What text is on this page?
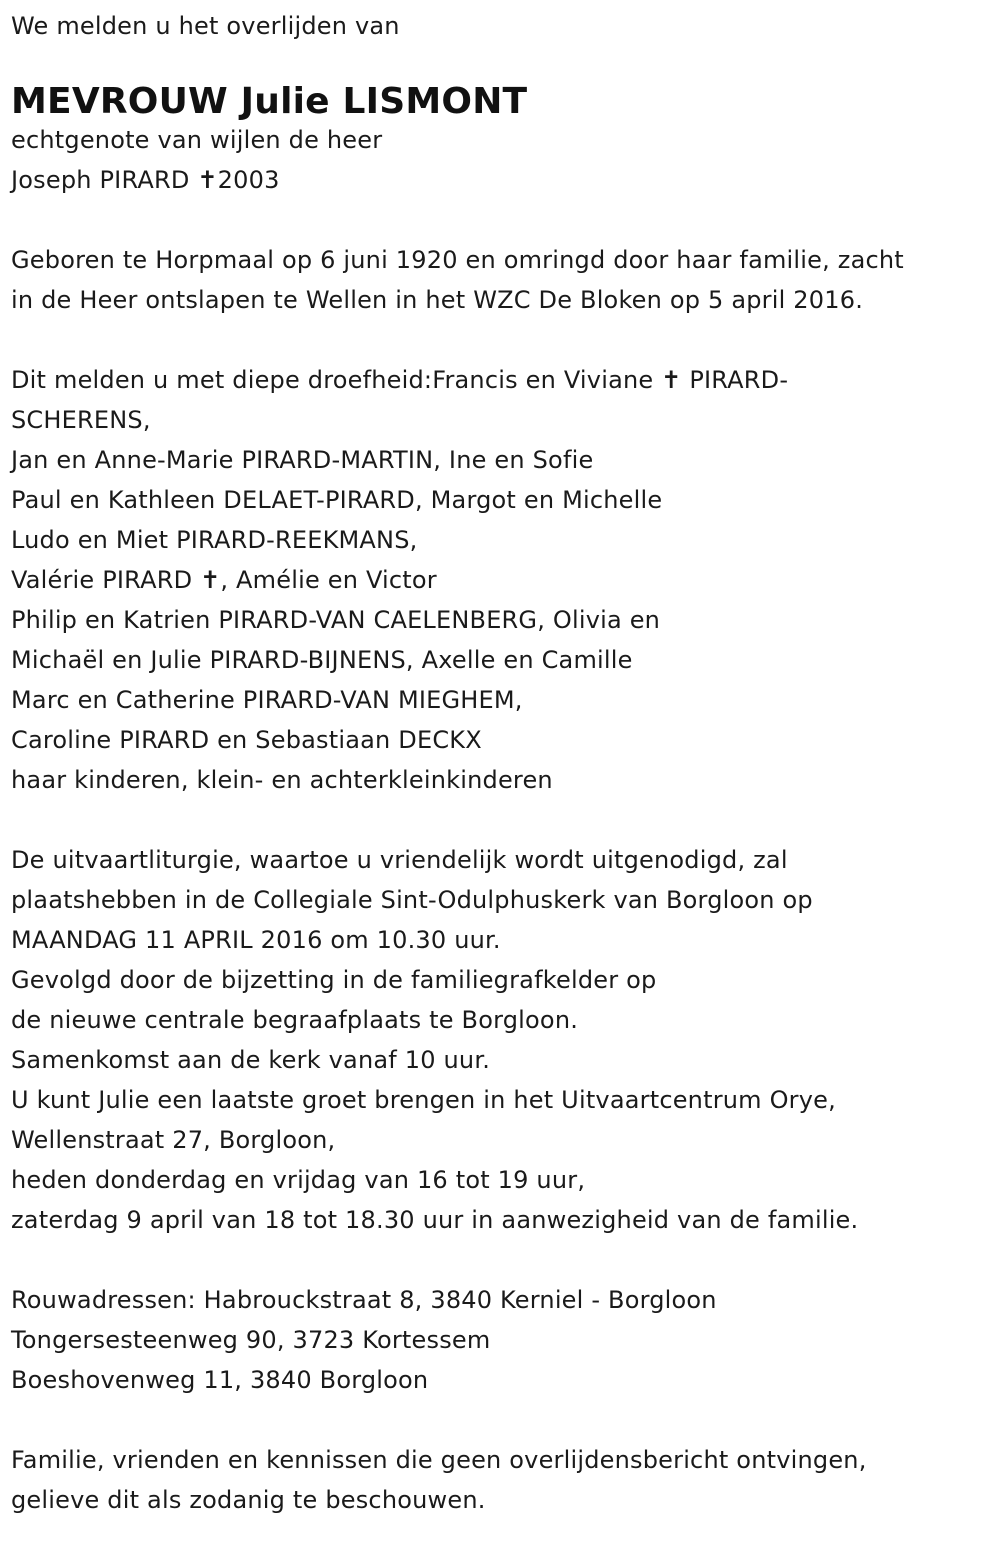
We melden u het overlijden van

MEVROUW Julie LISMONT

echtgenote van wijlen de heer

Joseph PIRARD ✝2003

Geboren te Horpmaal op 6 juni 1920 en omringd door haar familie, zacht

in de Heer ontslapen te Wellen in het WZC De Bloken op 5 april 2016.

Dit melden u met diepe droefheid:Francis en Viviane ✝ PIRARD-

SCHERENS,

Jan en Anne-Marie PIRARD-MARTIN, Ine en Sofie

Paul en Kathleen DELAET-PIRARD, Margot en Michelle

Ludo en Miet PIRARD-REEKMANS,

Valérie PIRARD ✝, Amélie en Victor

Philip en Katrien PIRARD-VAN CAELENBERG, Olivia en

Michaël en Julie PIRARD-BIJNENS, Axelle en Camille

Marc en Catherine PIRARD-VAN MIEGHEM,

Caroline PIRARD en Sebastiaan DECKX

haar kinderen, klein- en achterkleinkinderen

De uitvaartliturgie, waartoe u vriendelijk wordt uitgenodigd, zal

plaatshebben in de Collegiale Sint-Odulphuskerk van Borgloon op

MAANDAG 11 APRIL 2016 om 10.30 uur.

Gevolgd door de bijzetting in de familiegrafkelder op

de nieuwe centrale begraafplaats te Borgloon.

Samenkomst aan de kerk vanaf 10 uur.

U kunt Julie een laatste groet brengen in het Uitvaartcentrum Orye,

Wellenstraat 27, Borgloon,

heden donderdag en vrijdag van 16 tot 19 uur,

zaterdag 9 april van 18 tot 18.30 uur in aanwezigheid van de familie.

Rouwadressen: Habrouckstraat 8, 3840 Kerniel - Borgloon

Tongersesteenweg 90, 3723 Kortessem

Boeshovenweg 11, 3840 Borgloon

Familie, vrienden en kennissen die geen overlijdensbericht ontvingen,

gelieve dit als zodanig te beschouwen.
